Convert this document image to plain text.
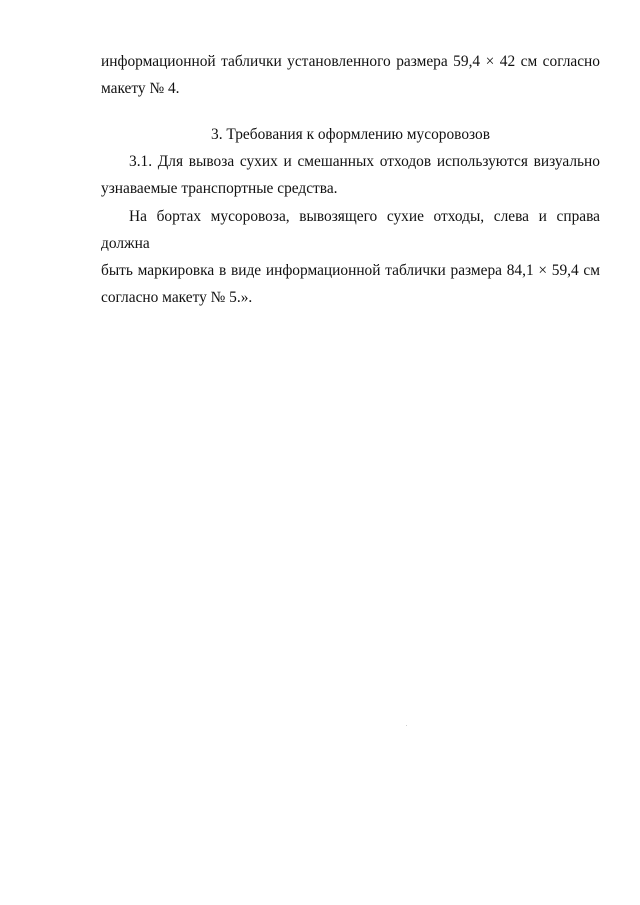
информационной таблички установленного размера 59,4 × 42 см согласно
макету № 4.
3. Требования к оформлению мусоровозов
3.1. Для вывоза сухих и смешанных отходов используются визуально
узнаваемые транспортные средства.
На бортах мусоровоза, вывозящего сухие отходы, слева и справа должна
быть маркировка в виде информационной таблички размера 84,1 × 59,4 см
согласно макету № 5.».
